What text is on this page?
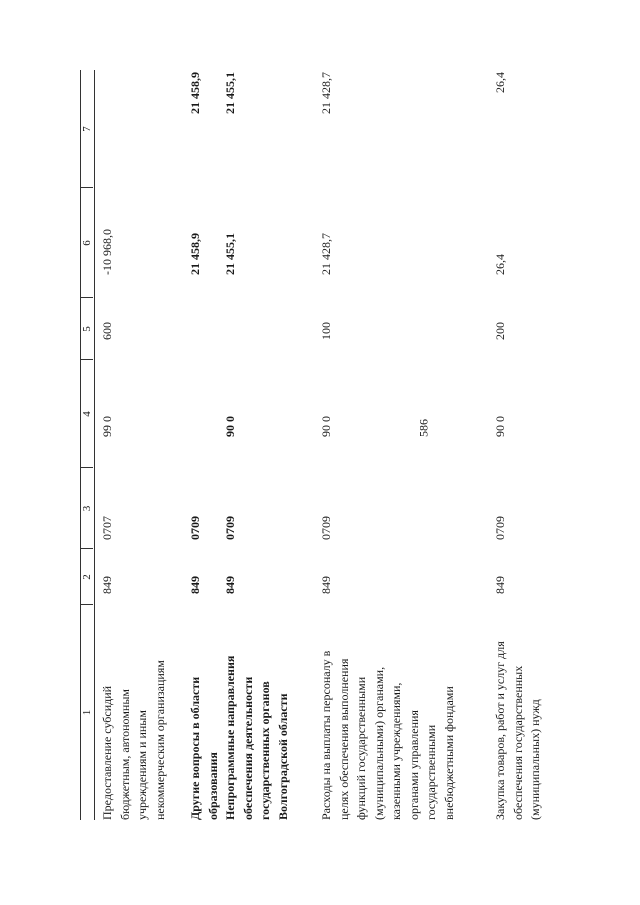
586
1
2
3
4
5
6
7
Предоставление субсидий бюджетным, автономным учреждениям и иным некоммерческим организациям
849
0707
99 0
600
-10 968,0
Другие вопросы в области образования
849
0709
21 458,9
21 458,9
Непрограммные направления обеспечения деятельности государственных органов Волгоградской области
849
0709
90 0
21 455,1
21 455,1
Расходы на выплаты персоналу в целях обеспечения выполнения функций государственными (муниципальными) органами, казенными учреждениями, органами управления государственными внебюджетными фондами
849
0709
90 0
100
21 428,7
21 428,7
Закупка товаров, работ и услуг для обеспечения государственных (муниципальных) нужд
849
0709
90 0
200
26,4
26,4
